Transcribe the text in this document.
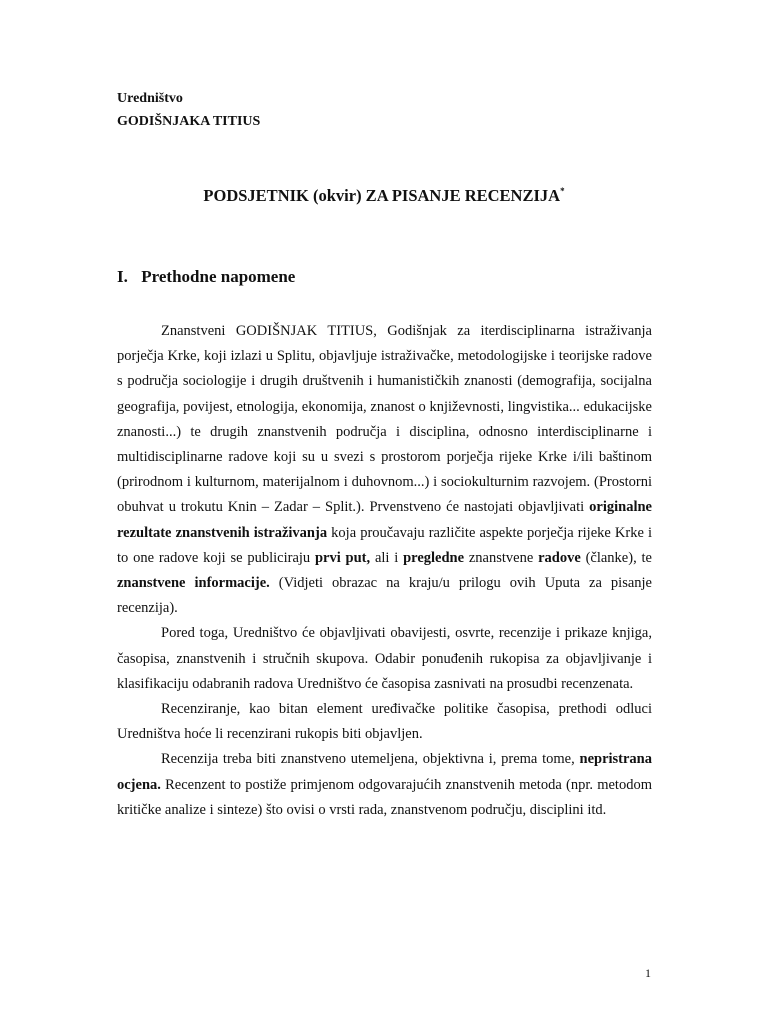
Uredništvo
GODIŠNJAKA TITIUS
PODSJETNIK (okvir) ZA PISANJE RECENZIJA*
I. Prethodne napomene

Znanstveni GODIŠNJAK TITIUS, Godišnjak za iterdisciplinarna istraživanja porječja Krke, koji izlazi u Splitu, objavljuje istraživačke, metodologijske i teorijske radove s područja sociologije i drugih društvenih i humanističkih znanosti (demografija, socijalna geografija, povijest, etnologija, ekonomija, znanost o književnosti, lingvistika... edukacijske znanosti...) te drugih znanstvenih područja i disciplina, odnosno interdisciplinarne i multidisciplinarne radove koji su u svezi s prostorom porječja rijeke Krke i/ili baštinom (prirodnom i kulturnom, materijalnom i duhovnom...) i sociokulturnim razvojem. (Prostorni obuhvat u trokutu Knin – Zadar – Split.). Prvenstveno će nastojati objavljivati originalne rezultate znanstvenih istraživanja koja proučavaju različite aspekte porječja rijeke Krke i to one radove koji se publiciraju prvi put, ali i pregledne znanstvene radove (članke), te znanstvene informacije. (Vidjeti obrazac na kraju/u prilogu ovih Uputa za pisanje recenzija).

Pored toga, Uredništvo će objavljivati obavijesti, osvrte, recenzije i prikaze knjiga, časopisa, znanstvenih i stručnih skupova. Odabir ponuđenih rukopisa za objavljivanje i klasifikaciju odabranih radova Uredništvo će časopisa zasnivati na prosudbi recenzenata.

Recenziranje, kao bitan element uređivačke politike časopisa, prethodi odluci Uredništva hoće li recenzirani rukopis biti objavljen.

Recenzija treba biti znanstveno utemeljena, objektivna i, prema tome, nepristrana ocjena. Recenzent to postiže primjenom odgovarajućih znanstvenih metoda (npr. metodom kritičke analize i sinteze) što ovisi o vrsti rada, znanstvenom području, disciplini itd.

1
